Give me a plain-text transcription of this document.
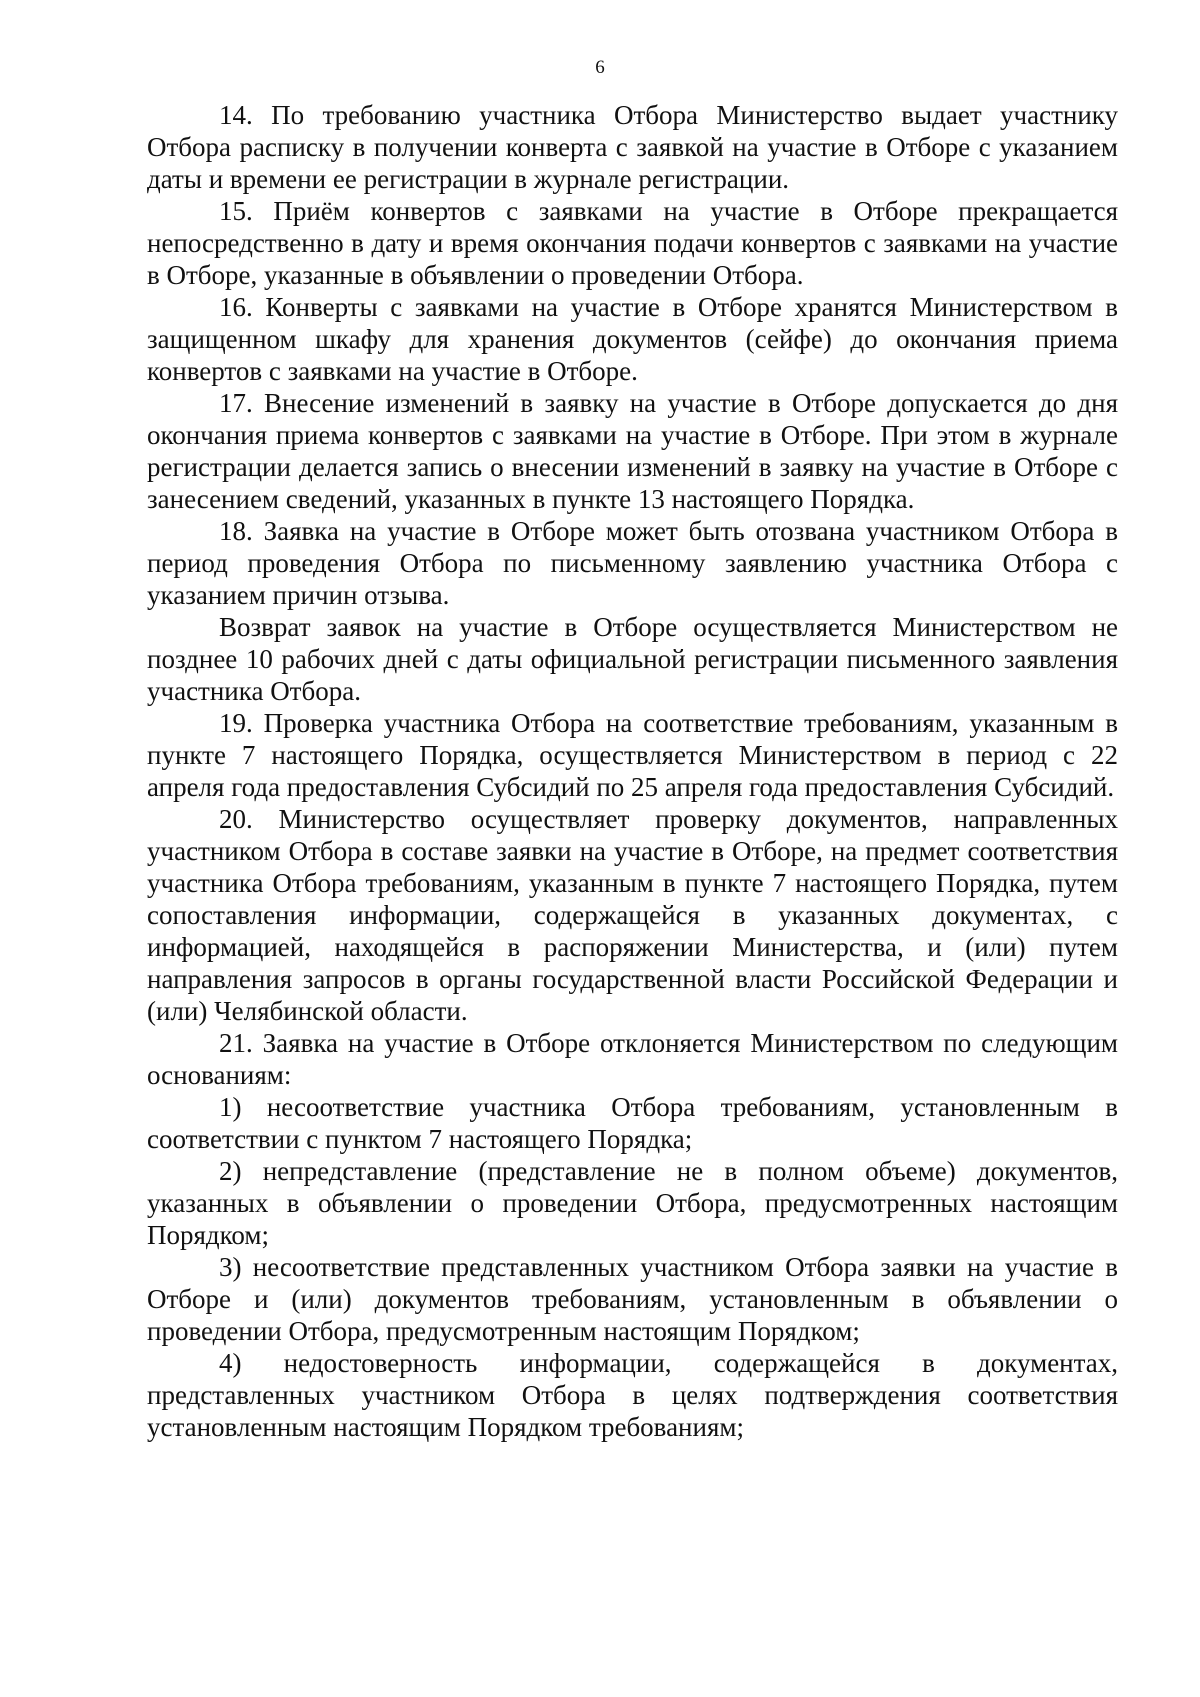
6

14. По требованию участника Отбора Министерство выдает участнику Отбора расписку в получении конверта с заявкой на участие в Отборе с указанием даты и времени ее регистрации в журнале регистрации.

15. Приём конвертов с заявками на участие в Отборе прекращается непосредственно в дату и время окончания подачи конвертов с заявками на участие в Отборе, указанные в объявлении о проведении Отбора.

16. Конверты с заявками на участие в Отборе хранятся Министерством в защищенном шкафу для хранения документов (сейфе) до окончания приема конвертов с заявками на участие в Отборе.

17. Внесение изменений в заявку на участие в Отборе допускается до дня окончания приема конвертов с заявками на участие в Отборе. При этом в журнале регистрации делается запись о внесении изменений в заявку на участие в Отборе с занесением сведений, указанных в пункте 13 настоящего Порядка.

18. Заявка на участие в Отборе может быть отозвана участником Отбора в период проведения Отбора по письменному заявлению участника Отбора с указанием причин отзыва.

Возврат заявок на участие в Отборе осуществляется Министерством не позднее 10 рабочих дней с даты официальной регистрации письменного заявления участника Отбора.

19. Проверка участника Отбора на соответствие требованиям, указанным в пункте 7 настоящего Порядка, осуществляется Министерством в период с 22 апреля года предоставления Субсидий по 25 апреля года предоставления Субсидий.

20. Министерство осуществляет проверку документов, направленных участником Отбора в составе заявки на участие в Отборе, на предмет соответствия участника Отбора требованиям, указанным в пункте 7 настоящего Порядка, путем сопоставления информации, содержащейся в указанных документах, с информацией, находящейся в распоряжении Министерства, и (или) путем направления запросов в органы государственной власти Российской Федерации и (или) Челябинской области.

21. Заявка на участие в Отборе отклоняется Министерством по следующим основаниям:

1) несоответствие участника Отбора требованиям, установленным в соответствии с пунктом 7 настоящего Порядка;

2) непредставление (представление не в полном объеме) документов, указанных в объявлении о проведении Отбора, предусмотренных настоящим Порядком;

3) несоответствие представленных участником Отбора заявки на участие в Отборе и (или) документов требованиям, установленным в объявлении о проведении Отбора, предусмотренным настоящим Порядком;

4) недостоверность информации, содержащейся в документах, представленных участником Отбора в целях подтверждения соответствия установленным настоящим Порядком требованиям;
